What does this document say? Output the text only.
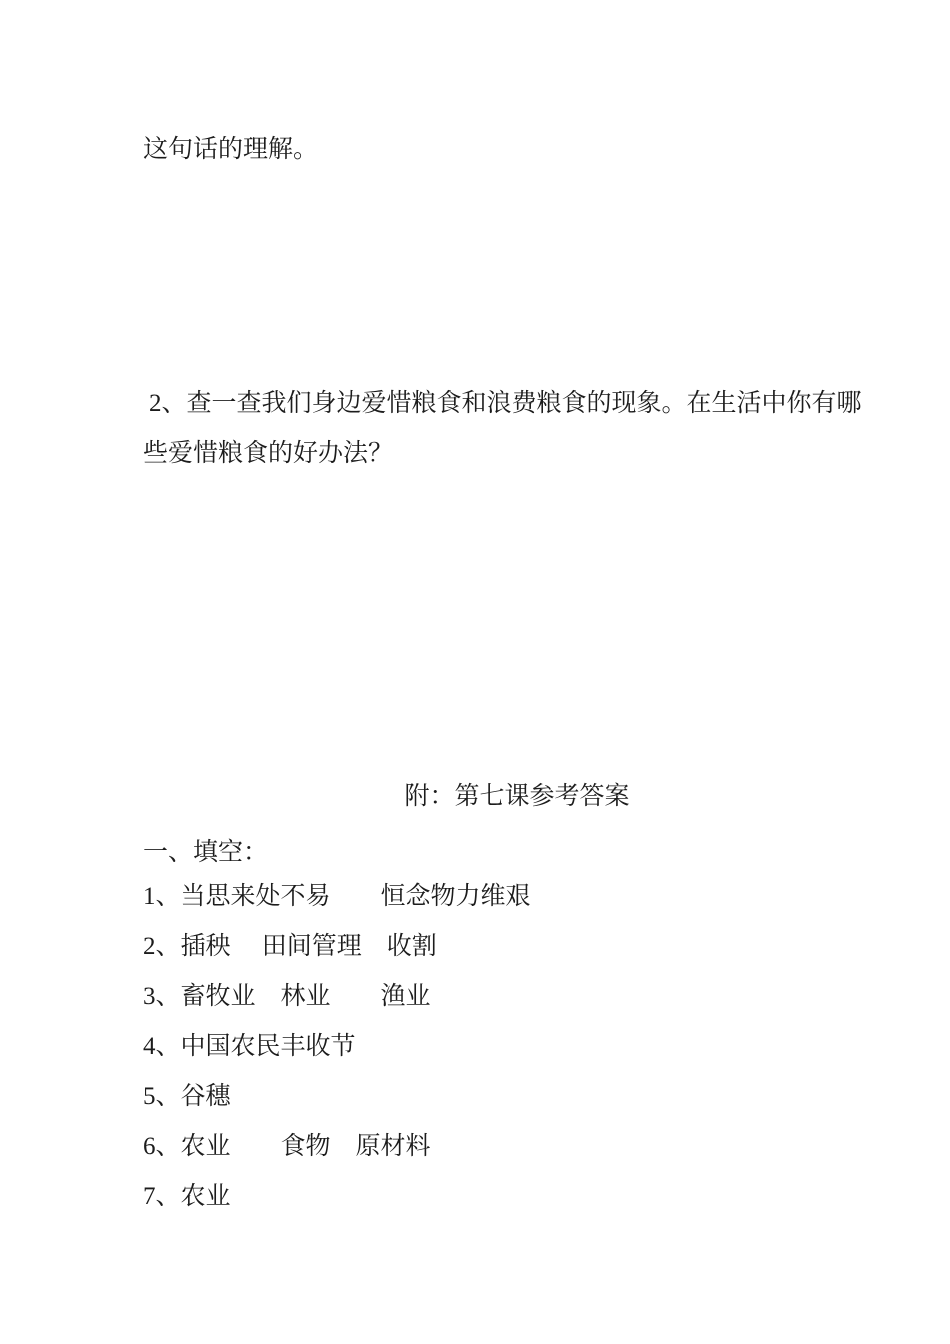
这句话的理解。

2、查一查我们身边爱惜粮食和浪费粮食的现象。在生活中你有哪

些爱惜粮食的好办法？

附：第七课参考答案

一、填空：

1、当思来处不易　　恒念物力维艰

2、插秧　 田间管理　收割

3、畜牧业　林业　　渔业

4、中国农民丰收节

5、谷穗

6、农业　　食物　原材料

7、农业
